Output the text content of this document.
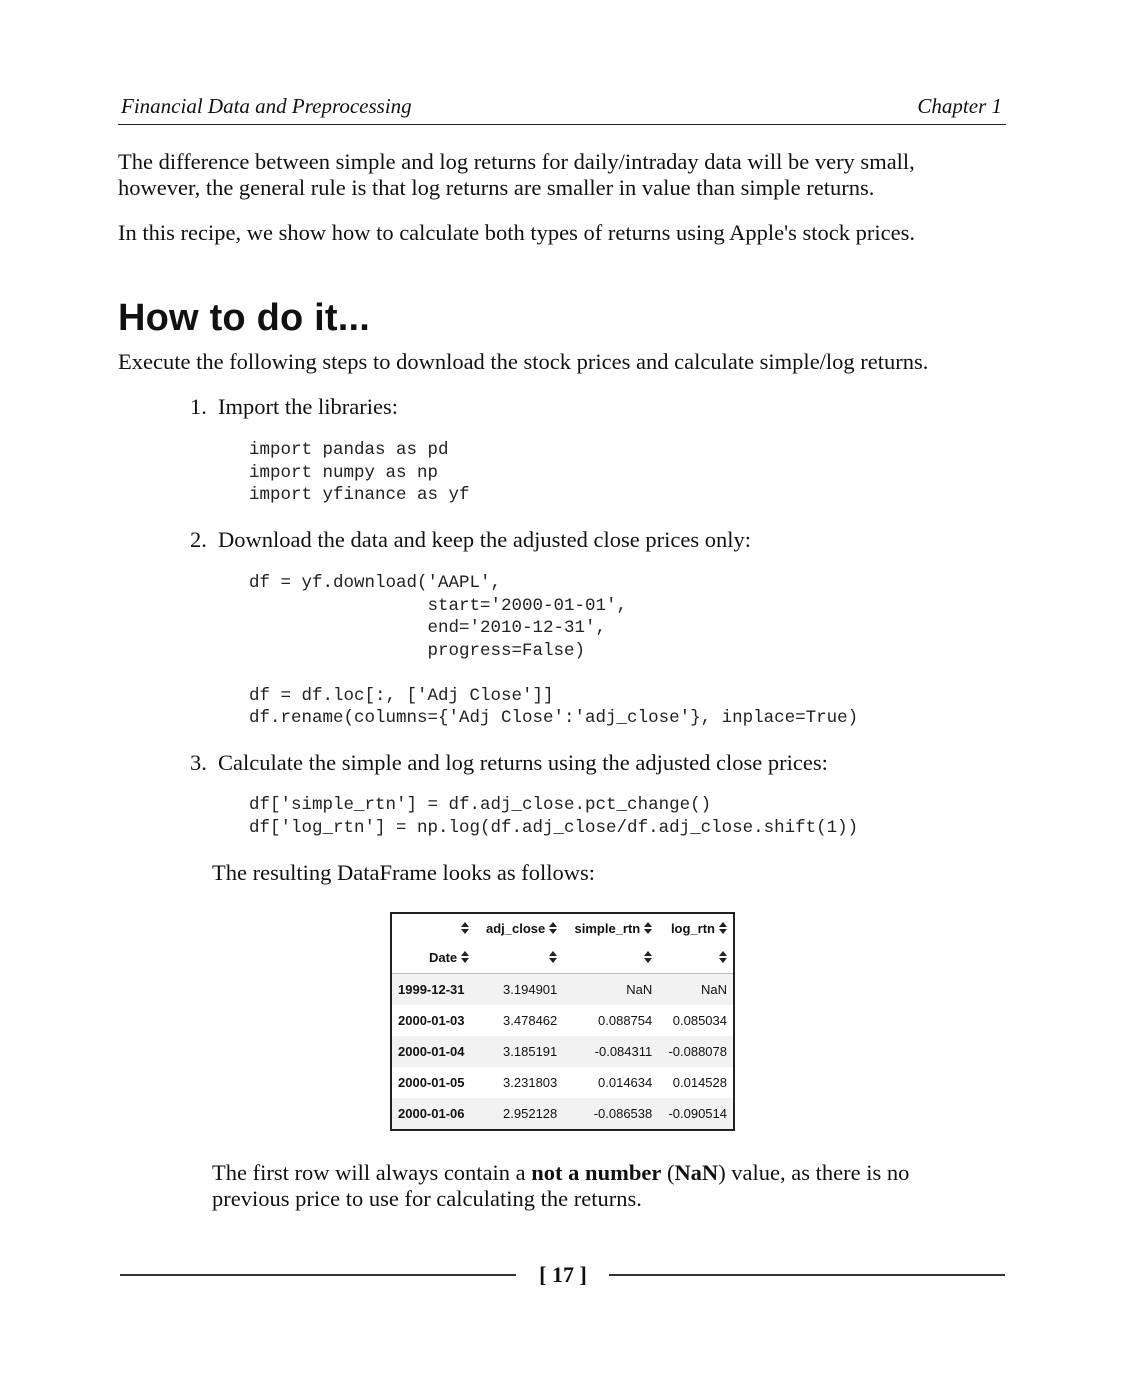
Financial Data and Preprocessing	Chapter 1

The difference between simple and log returns for daily/intraday data will be very small,
however, the general rule is that log returns are smaller in value than simple returns.

In this recipe, we show how to calculate both types of returns using Apple's stock prices.

How to do it...

Execute the following steps to download the stock prices and calculate simple/log returns.

1. Import the libraries:
import pandas as pd
import numpy as np
import yfinance as yf
2. Download the data and keep the adjusted close prices only:
df = yf.download('AAPL',
start='2000-01-01',
end='2010-12-31',
progress=False)

df = df.loc[:, ['Adj Close']]
df.rename(columns={'Adj Close':'adj_close'}, inplace=True)
3. Calculate the simple and log returns using the adjusted close prices:
df['simple_rtn'] = df.adj_close.pct_change()
df['log_rtn'] = np.log(df.adj_close/df.adj_close.shift(1))

The resulting DataFrame looks as follows:

	adj_close	simple_rtn	log_rtn
Date			
1999-12-31	3.194901	NaN	NaN
2000-01-03	3.478462	0.088754	0.085034
2000-01-04	3.185191	-0.084311	-0.088078
2000-01-05	3.231803	0.014634	0.014528
2000-01-06	2.952128	-0.086538	-0.090514

The first row will always contain a not a number (NaN) value, as there is no
previous price to use for calculating the returns.

[ 17 ]
